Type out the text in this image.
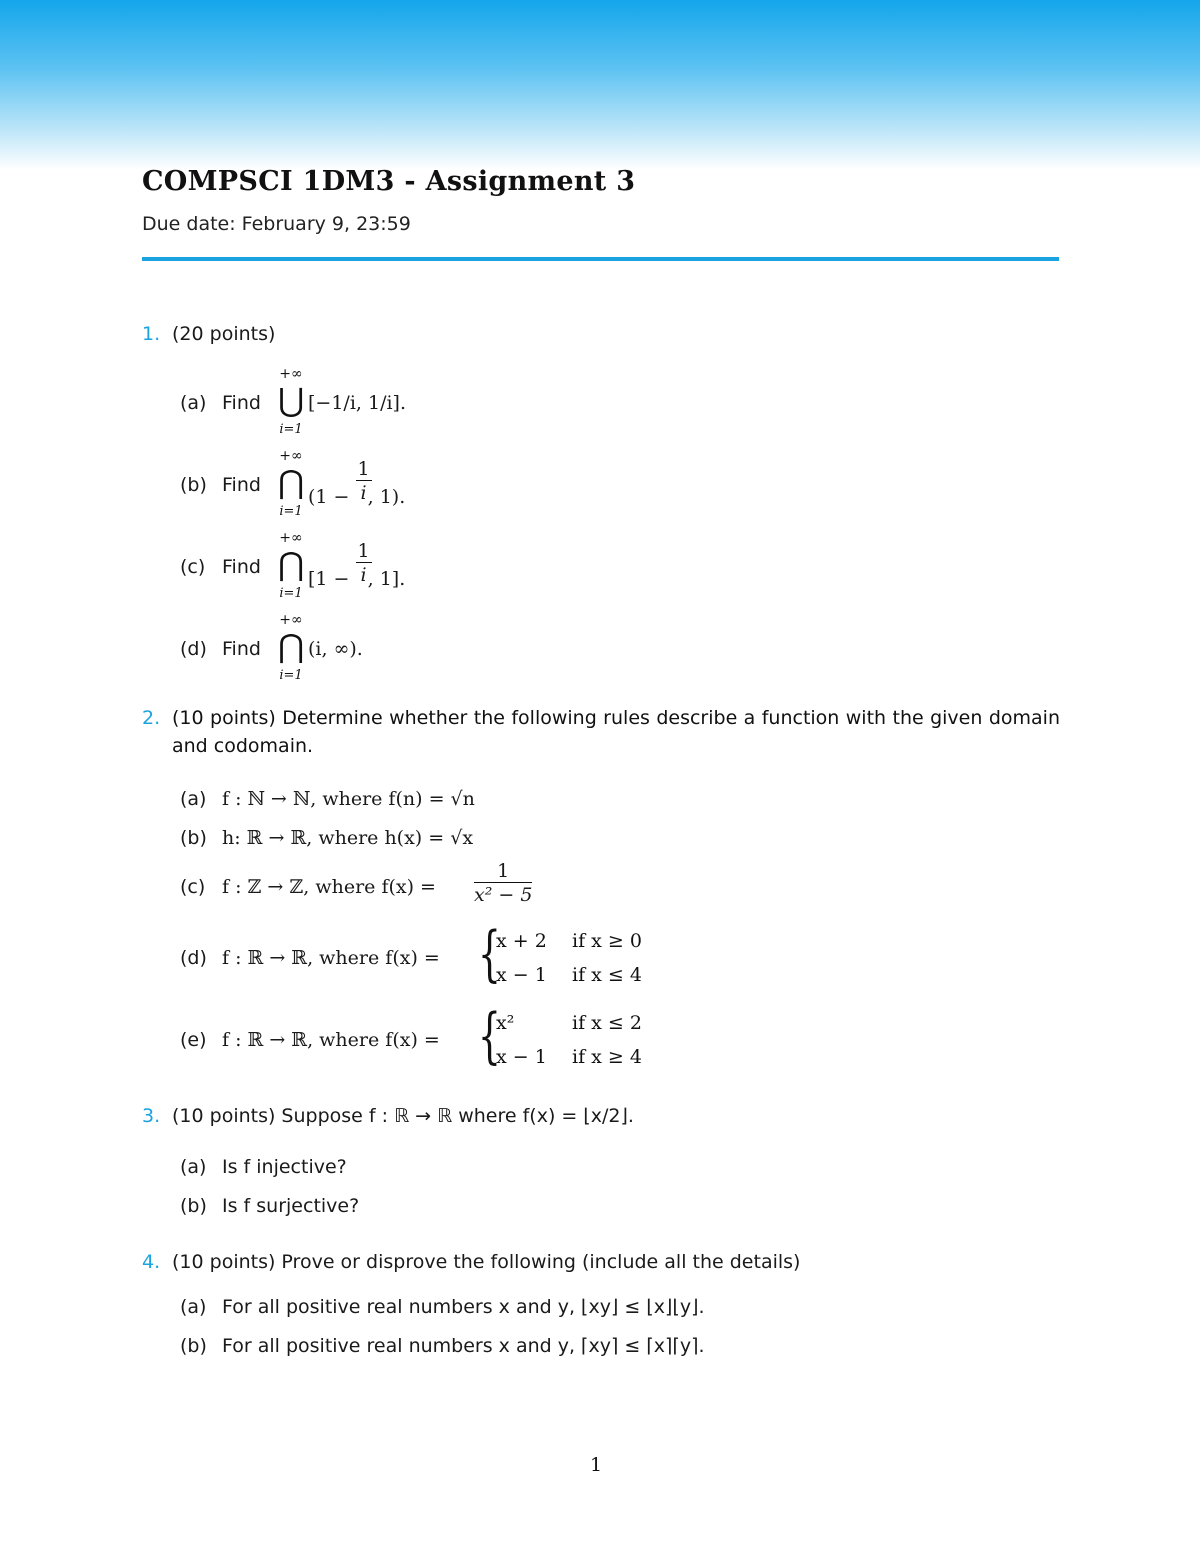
COMPSCI 1DM3 - Assignment 3
Due date: February 9, 23:59
1. (20 points)
(a) Find
+∞
⋃
i=1
[−1/i, 1/i].
(b) Find
+∞
⋂
i=1
($1 - \frac{1}{i}$
, 1).
(c) Find
+∞
⋂
i=1
[$1 - \frac{1}{i}$
, 1].
(d) Find
+∞
⋂
i=1
(i, ∞).
2. (10 points) Determine whether the following rules describe a function with the given domain and codomain.
(a) f : ℕ → ℕ, where f(n) = √n
(b) h: ℝ → ℝ, where h(x) = √x
(c) f : ℤ → ℤ, where $f(x) = \frac{1}{\text{x² − 5}}$
(d) f : ℝ → ℝ, where f(x) = {
x + 2 if x ≥ 0
x − 1 if x ≤ 4
(e) f : ℝ → ℝ, where f(x) = {
x²	if x ≤ 2
x − 1 if x ≥ 4
3. (10 points) Suppose f : ℝ → ℝ where f(x) = ⌊x/2⌋.
(a) Is f injective?
(b) Is f surjective?
4. (10 points) Prove or disprove the following (include all the details)
(a) For all positive real numbers x and y, ⌊xy⌋ ≤ ⌊x⌋⌊y⌋.
(b) For all positive real numbers x and y, ⌈xy⌉ ≤ ⌈x⌉⌈y⌉.
1
